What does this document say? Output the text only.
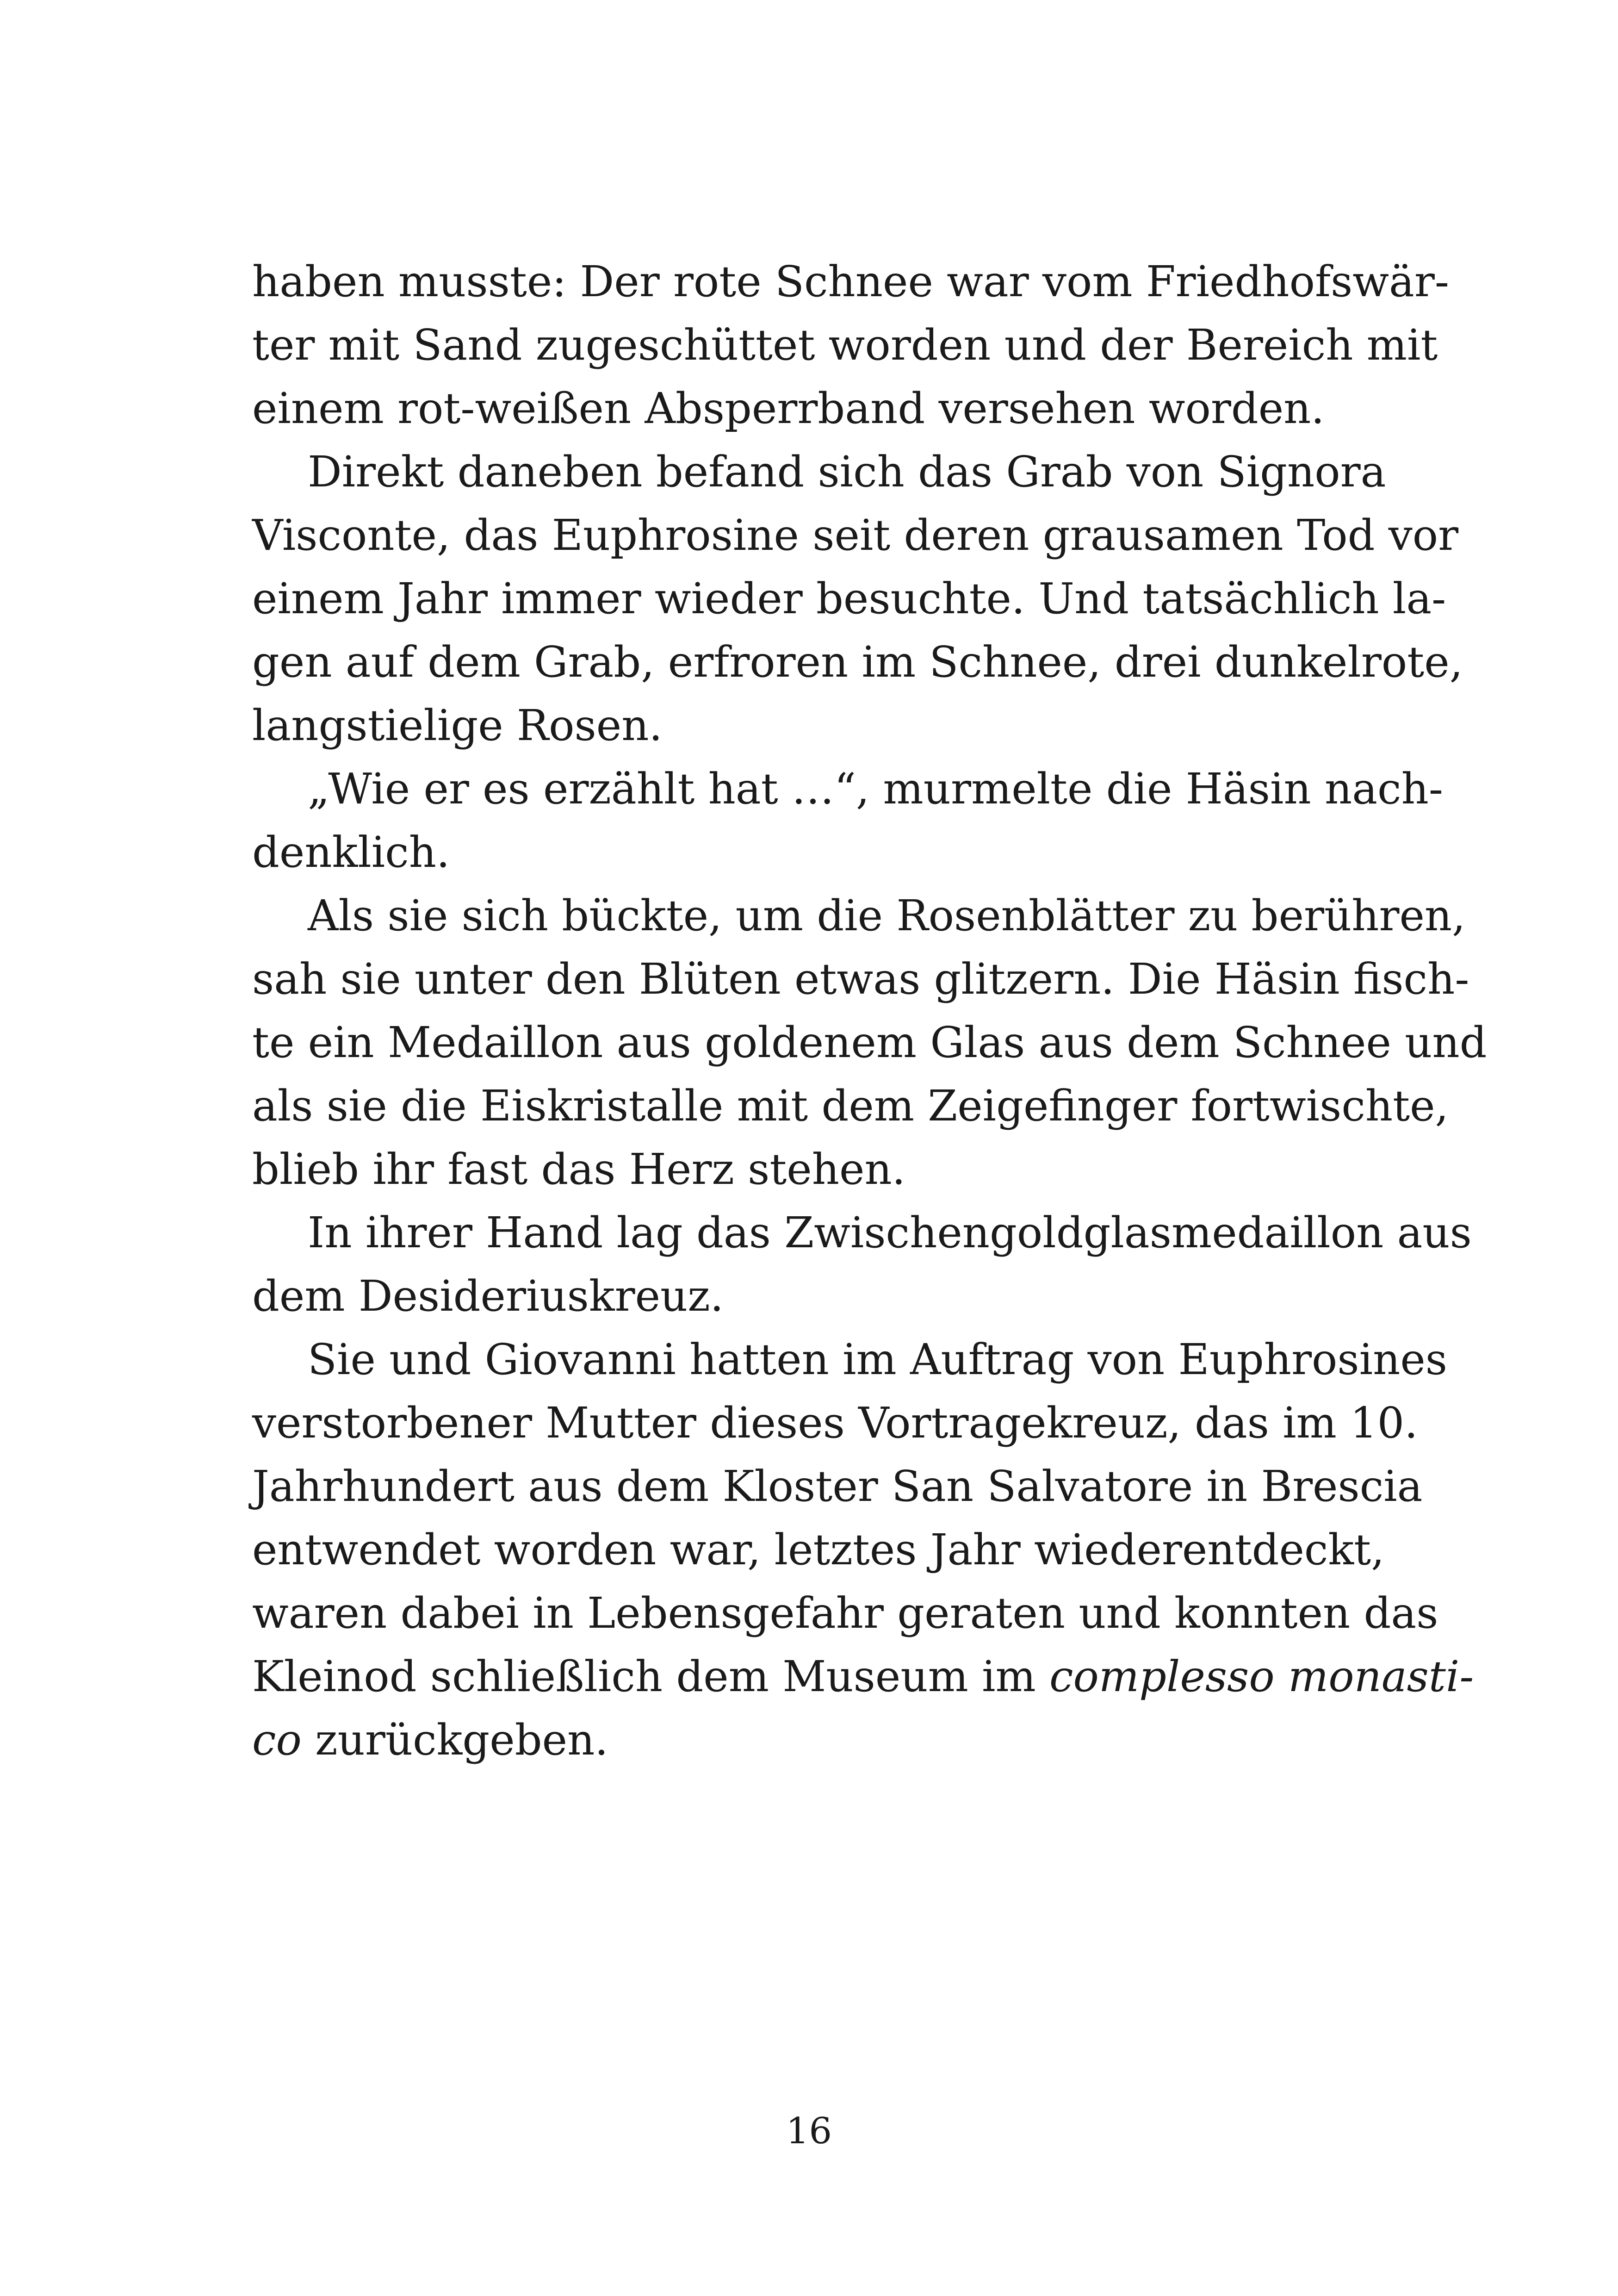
haben musste: Der rote Schnee war vom Friedhofswär-
ter mit Sand zugeschüttet worden und der Bereich mit
einem rot-weißen Absperrband versehen worden.
Direkt daneben befand sich das Grab von Signora
Visconte, das Euphrosine seit deren grausamen Tod vor
einem Jahr immer wieder besuchte. Und tatsächlich la-
gen auf dem Grab, erfroren im Schnee, drei dunkelrote,
langstielige Rosen.
„Wie er es erzählt hat …“, murmelte die Häsin nach-
denklich.
Als sie sich bückte, um die Rosenblätter zu berühren,
sah sie unter den Blüten etwas glitzern. Die Häsin fisch-
te ein Medaillon aus goldenem Glas aus dem Schnee und
als sie die Eiskristalle mit dem Zeigefinger fortwischte,
blieb ihr fast das Herz stehen.
In ihrer Hand lag das Zwischengoldglasmedaillon aus
dem Desideriuskreuz.
Sie und Giovanni hatten im Auftrag von Euphrosines
verstorbener Mutter dieses Vortragekreuz, das im 10.
Jahrhundert aus dem Kloster San Salvatore in Brescia
entwendet worden war, letztes Jahr wiederentdeckt,
waren dabei in Lebensgefahr geraten und konnten das
Kleinod schließlich dem Museum im complesso monasti-
co zurückgeben.
16
